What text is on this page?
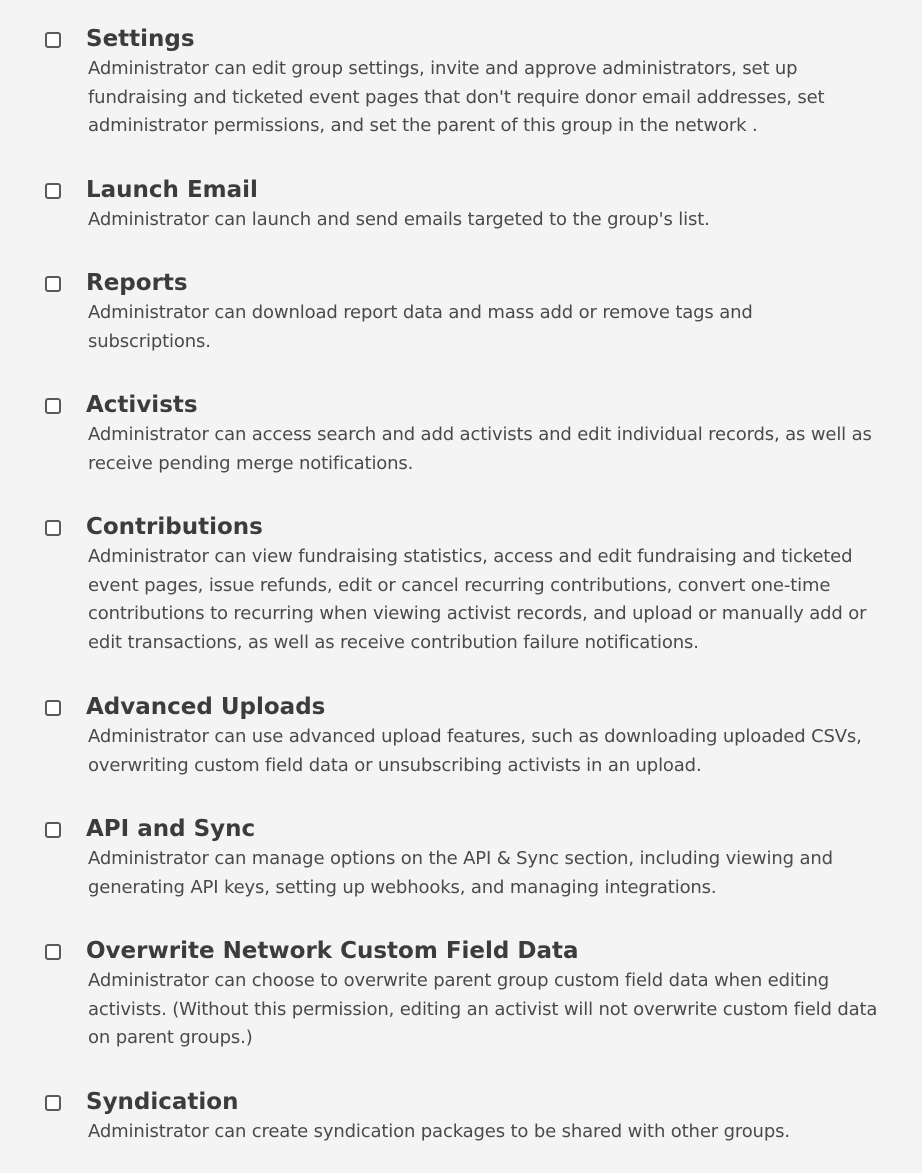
Settings
Administrator can edit group settings, invite and approve administrators, set up
fundraising and ticketed event pages that don't require donor email addresses, set
administrator permissions, and set the parent of this group in the network .
Launch Email
Administrator can launch and send emails targeted to the group's list.
Reports
Administrator can download report data and mass add or remove tags and
subscriptions.
Activists
Administrator can access search and add activists and edit individual records, as well as
receive pending merge notifications.
Contributions
Administrator can view fundraising statistics, access and edit fundraising and ticketed
event pages, issue refunds, edit or cancel recurring contributions, convert one-time
contributions to recurring when viewing activist records, and upload or manually add or
edit transactions, as well as receive contribution failure notifications.
Advanced Uploads
Administrator can use advanced upload features, such as downloading uploaded CSVs,
overwriting custom field data or unsubscribing activists in an upload.
API and Sync
Administrator can manage options on the API & Sync section, including viewing and
generating API keys, setting up webhooks, and managing integrations.
Overwrite Network Custom Field Data
Administrator can choose to overwrite parent group custom field data when editing
activists. (Without this permission, editing an activist will not overwrite custom field data
on parent groups.)
Syndication
Administrator can create syndication packages to be shared with other groups.
